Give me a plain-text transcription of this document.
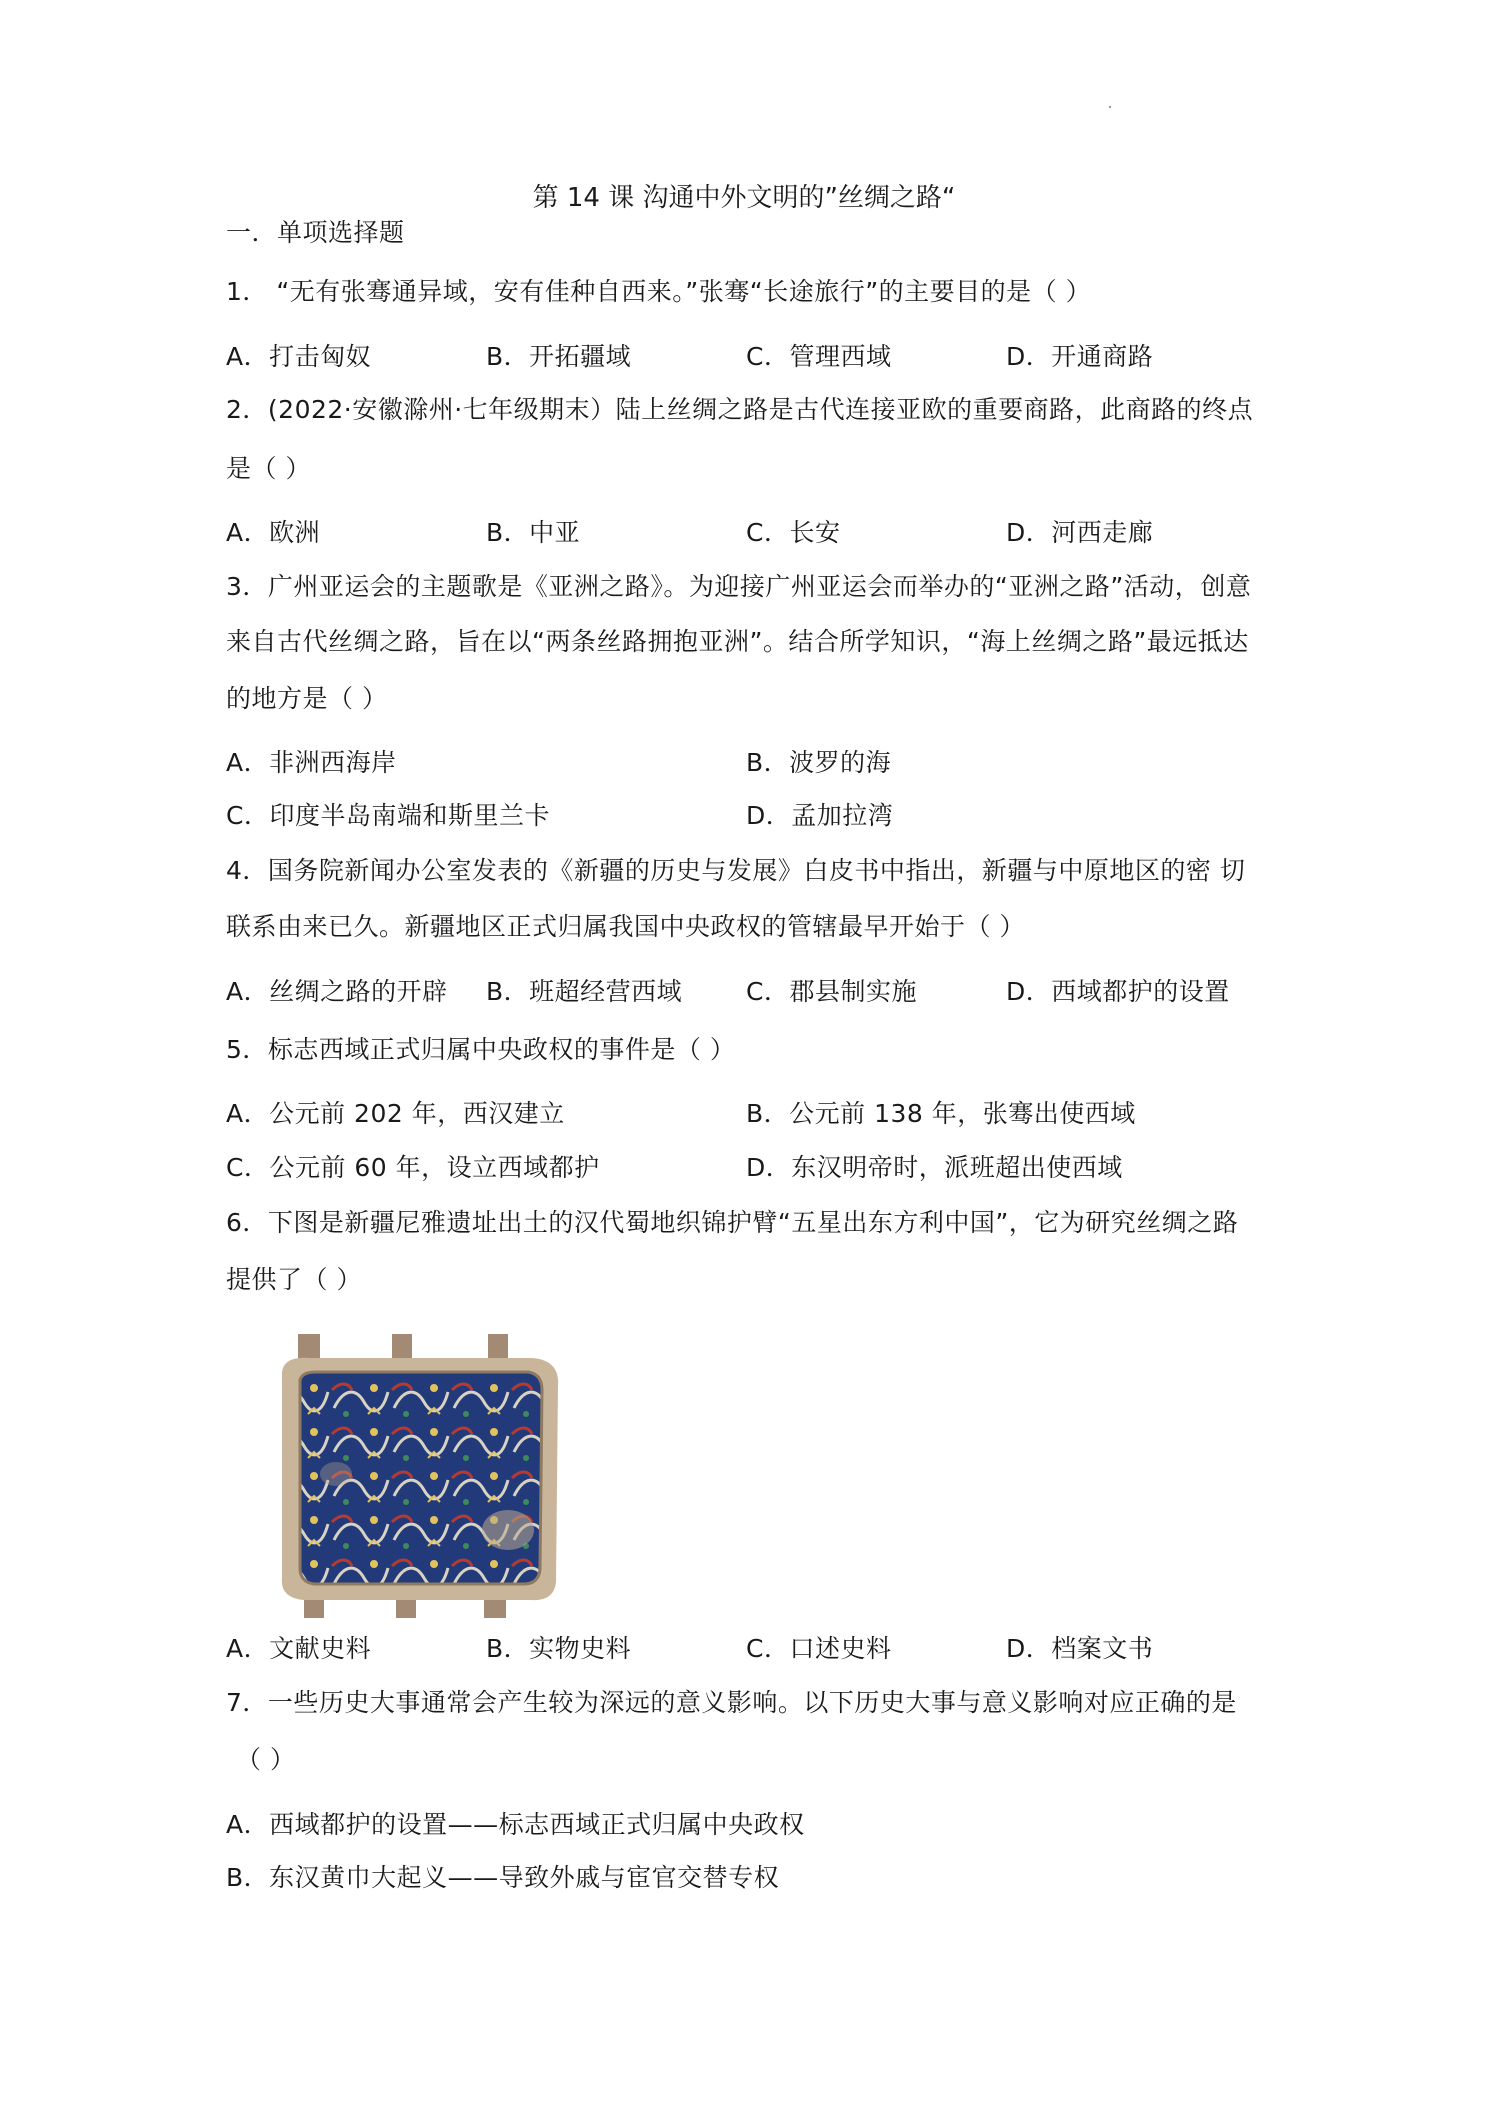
第 14 课 沟通中外文明的”丝绸之路“
一．单项选择题
1． “无有张骞通异域，安有佳种自西来。”张骞“长途旅行”的主要目的是（ ）
A．打击匈奴	B．开拓疆域	C．管理西域	D．开通商路
2．(2022·安徽滁州·七年级期末）陆上丝绸之路是古代连接亚欧的重要商路，此商路的终点
是（ ）
A．欧洲	B．中亚	C．长安	D．河西走廊
3．广州亚运会的主题歌是《亚洲之路》。为迎接广州亚运会而举办的“亚洲之路”活动，创意
来自古代丝绸之路，旨在以“两条丝路拥抱亚洲”。结合所学知识，“海上丝绸之路”最远抵达
的地方是（ ）
A．非洲西海岸	B．波罗的海
C．印度半岛南端和斯里兰卡	D．孟加拉湾
4．国务院新闻办公室发表的《新疆的历史与发展》白皮书中指出，新疆与中原地区的密 切
联系由来已久。新疆地区正式归属我国中央政权的管辖最早开始于（ ）
A．丝绸之路的开辟 B．班超经营西域	C．郡县制实施	D．西域都护的设置
5．标志西域正式归属中央政权的事件是（ ）
A．公元前 202 年，西汉建立	B．公元前 138 年，张骞出使西域
C．公元前 60 年，设立西域都护	D．东汉明帝时，派班超出使西域
6．下图是新疆尼雅遗址出土的汉代蜀地织锦护臂“五星出东方利中国”，它为研究丝绸之路
提供了（ ）
A．文献史料	B．实物史料	C．口述史料	D．档案文书
7．一些历史大事通常会产生较为深远的意义影响。以下历史大事与意义影响对应正确的是
（ ）
A．西域都护的设置——标志西域正式归属中央政权
B．东汉黄巾大起义——导致外戚与宦官交替专权
